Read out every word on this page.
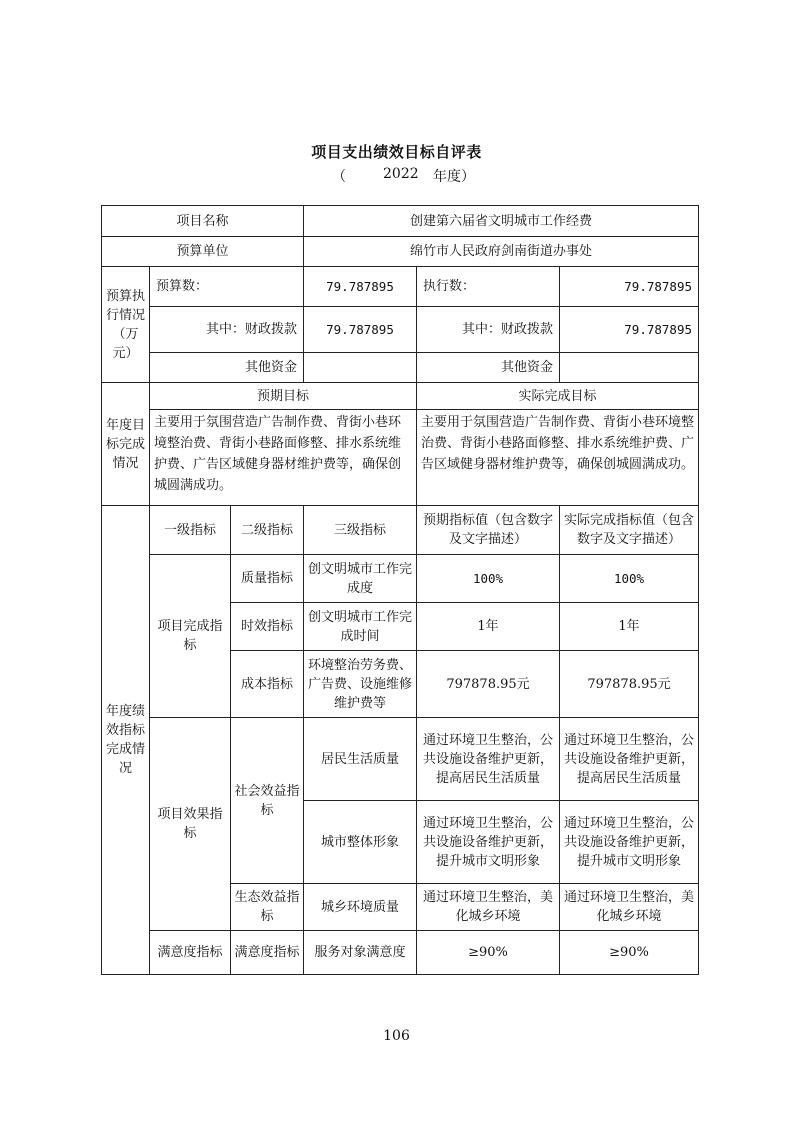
项目支出绩效目标自评表
（	2022 年度）
项目名称			创建第六届省文明城市工作经费		
预算单位			绵竹市人民政府剑南街道办事处		
预算执行情况（万元）	预算数：		79.787895	执行数：	79.787895
	其中：财政拨款		79.787895	其中：财政拨款	79.787895
	其他资金			其他资金	
年度目标完成情况	预期目标			实际完成目标	
	主要用于氛围营造广告制作费、背街小巷环境整治费、背街小巷路面修整、排水系统维护费、广告区域健身器材维护费等，确保创城圆满成功。			主要用于氛围营造广告制作费、背街小巷环境整治费、背街小巷路面修整、排水系统维护费、广告区域健身器材维护费等，确保创城圆满成功。	
年度绩效指标完成情况	一级指标	二级指标	三级指标	预期指标值（包含数字及文字描述）	实际完成指标值（包含数字及文字描述）
	项目完成指标	质量指标	创文明城市工作完成度	100%	100%
		时效指标	创文明城市工作完成时间	1年	1年
		成本指标	环境整治劳务费、广告费、设施维修维护费等	797878.95元	797878.95元
	项目效果指标	社会效益指标	居民生活质量	通过环境卫生整治，公共设施设备维护更新，提高居民生活质量	通过环境卫生整治，公共设施设备维护更新，提高居民生活质量
			城市整体形象	通过环境卫生整治，公共设施设备维护更新，提升城市文明形象	通过环境卫生整治，公共设施设备维护更新，提升城市文明形象
		生态效益指标	城乡环境质量	通过环境卫生整治，美化城乡环境	通过环境卫生整治，美化城乡环境
	满意度指标	满意度指标	服务对象满意度	≥90%	≥90%
106
